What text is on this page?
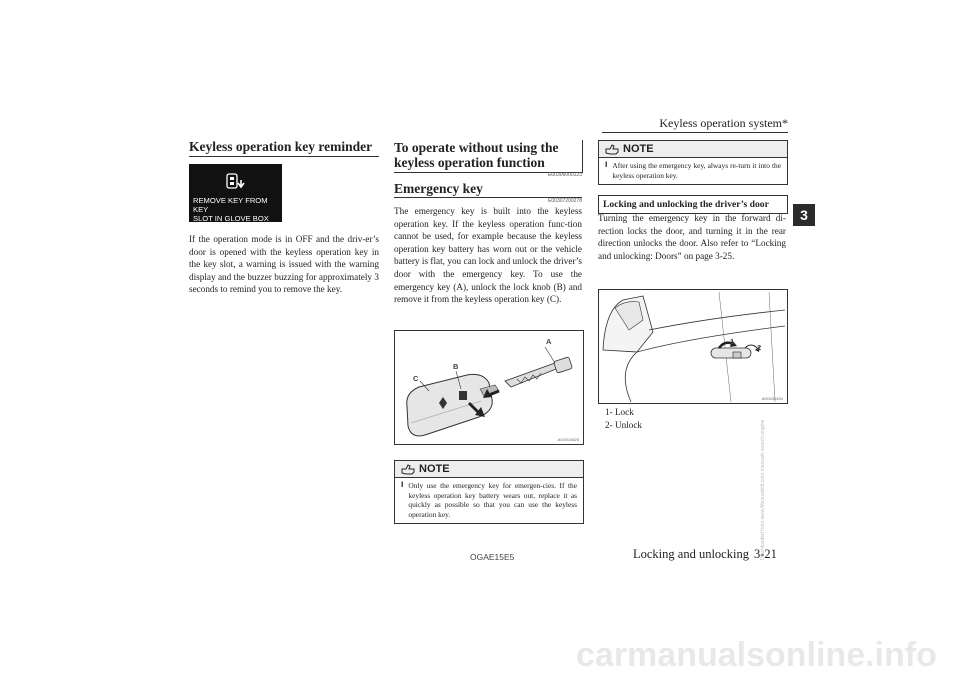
Keyless operation system*
3
Keyless operation key reminder
REMOVE KEY FROM KEY
SLOT IN GLOVE BOX
If the operation mode is in OFF and the driv-er’s door is opened with the keyless operation key in the key slot, a warning is issued with the warning display and the buzzer buzzing for approximately 3 seconds to remind you to remove the key.
To operate without using the
keyless operation function
E00306000123
Emergency key
E00307200278
The emergency key is built into the keyless operation key. If the keyless operation func-tion cannot be used, for example because the keyless operation key battery has worn out or the vehicle battery is flat, you can lock and unlock the driver’s door with the emergency key. To use the emergency key (A), unlock the lock knob (B) and remove it from the keyless operation key (C).
A
B
C
AG0010825
NOTE
l Only use the emergency key for emergen-cies. If the keyless operation key battery wears out, replace it as quickly as possible so that you can use the keyless operation key.
NOTE
l After using the emergency key, always re-turn it into the keyless operation key.
Locking and unlocking the driver’s door
Turning the emergency key in the forward di-rection locks the door, and turning it in the rear direction unlocks the door. Also refer to “Locking and unlocking: Doors” on page 3-25.
1
2
AG0036494
1- Lock
2- Unlock
OGAE15E5	Locking and unlocking 3-21
carmanualsonline.info
Downloaded from www.Manualslib.com manuals search engine
